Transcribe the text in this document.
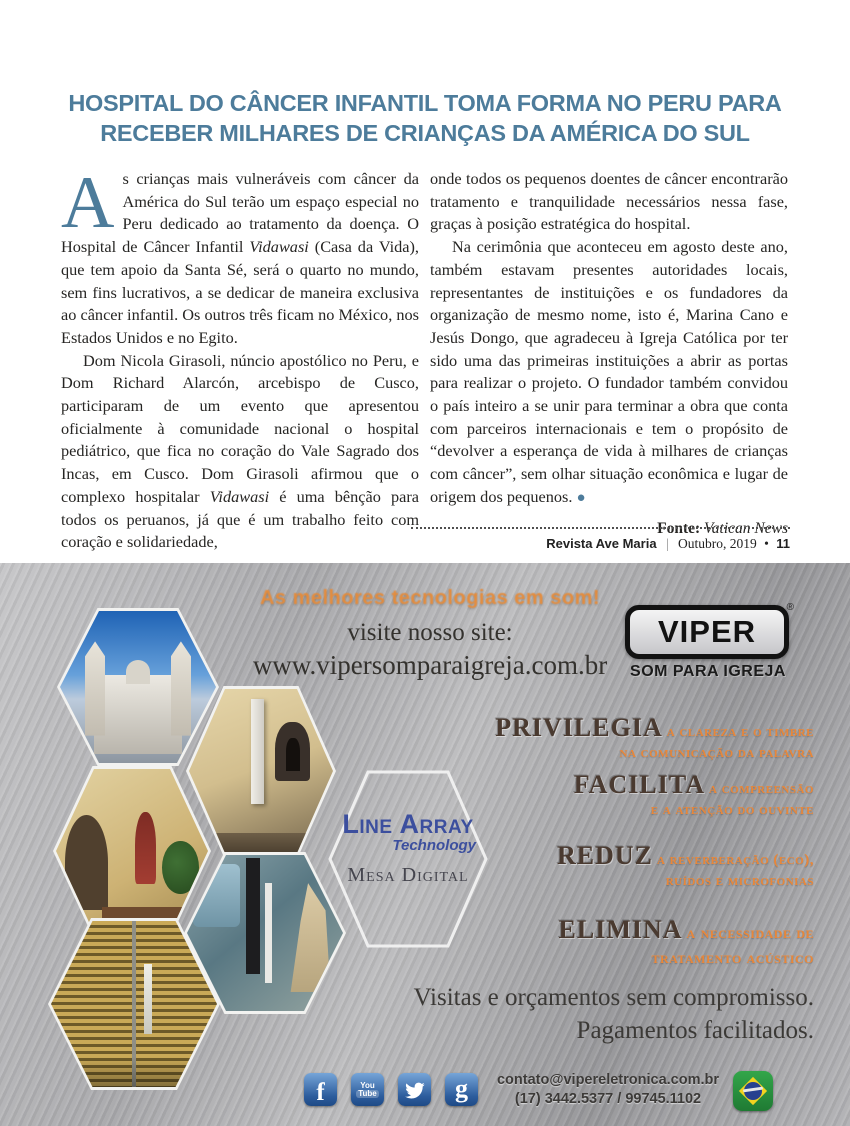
HOSPITAL DO CÂNCER INFANTIL TOMA FORMA NO PERU PARA RECEBER MILHARES DE CRIANÇAS DA AMÉRICA DO SUL

As crianças mais vulneráveis com câncer da América do Sul terão um espaço especial no Peru dedicado ao tratamento da doença. O Hospital de Câncer Infantil Vidawasi (Casa da Vida), que tem apoio da Santa Sé, será o quarto no mundo, sem fins lucrativos, a se dedicar de maneira exclusiva ao câncer infantil. Os outros três ficam no México, nos Estados Unidos e no Egito.

Dom Nicola Girasoli, núncio apostólico no Peru, e Dom Richard Alarcón, arcebispo de Cusco, participaram de um evento que apresentou oficialmente à comunidade nacional o hospital pediátrico, que fica no coração do Vale Sagrado dos Incas, em Cusco. Dom Girasoli afirmou que o complexo hospitalar Vidawasi é uma bênção para todos os peruanos, já que é um trabalho feito com coração e solidariedade,

onde todos os pequenos doentes de câncer encontrarão tratamento e tranquilidade necessários nessa fase, graças à posição estratégica do hospital.

Na cerimônia que aconteceu em agosto deste ano, também estavam presentes autoridades locais, representantes de instituições e os fundadores da organização de mesmo nome, isto é, Marina Cano e Jesús Dongo, que agradeceu à Igreja Católica por ter sido uma das primeiras instituições a abrir as portas para realizar o projeto. O fundador também convidou o país inteiro a se unir para terminar a obra que conta com parceiros internacionais e tem o propósito de “devolver a esperança de vida à milhares de crianças com câncer”, sem olhar situação econômica e lugar de origem dos pequenos. ●

Fonte: Vatican News
Revista Ave Maria | Outubro, 2019 • 11
As melhores tecnologias em som!
visite nosso site:
www.vipersomparaigreja.com.br
VIPER
®
SOM PARA IGREJA
Line Array
Technology
Mesa Digital
PRIVILEGIA a clareza e o timbre
na comunicação da palavra
FACILITA a compreensão
e a atenção do ouvinte
REDUZ a reverberação (eco),
ruídos e microfonias
ELIMINA a necessidade de
tratamento acústico
Visitas e orçamentos sem compromisso.
Pagamentos facilitados.
f	You
Tube	g	contato@vipereletronica.com.br
(17) 3442.5377 / 99745.1102
